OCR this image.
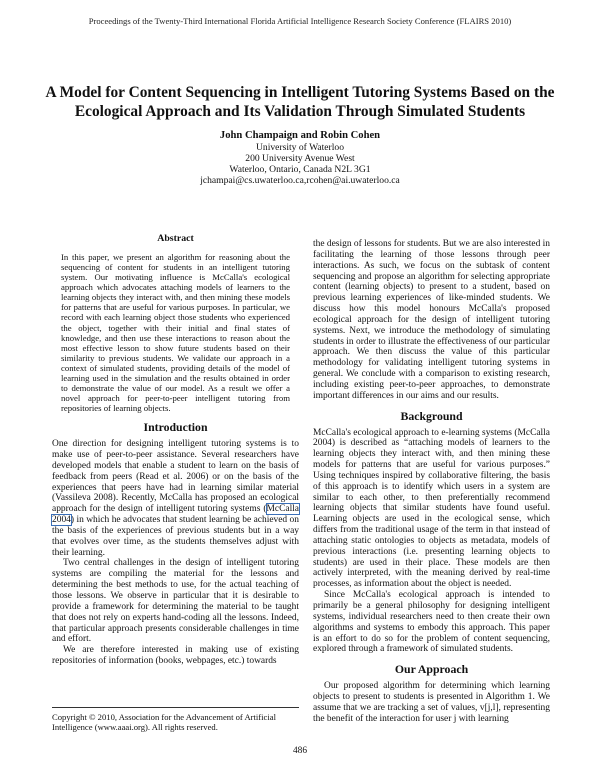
Proceedings of the Twenty-Third International Florida Artificial Intelligence Research Society Conference (FLAIRS 2010)
A Model for Content Sequencing in Intelligent Tutoring Systems Based on the
Ecological Approach and Its Validation Through Simulated Students
John Champaign and Robin Cohen
University of Waterloo
200 University Avenue West
Waterloo, Ontario, Canada N2L 3G1
jchampai@cs.uwaterloo.ca,rcohen@ai.uwaterloo.ca
Abstract

In this paper, we present an algorithm for reasoning about the sequencing of content for students in an intelligent tutoring system. Our motivating influence is McCalla's ecological approach which advocates attaching models of learners to the learning objects they interact with, and then mining these models for patterns that are useful for various purposes. In particular, we record with each learning object those students who experienced the object, together with their initial and final states of knowledge, and then use these interactions to reason about the most effective lesson to show future students based on their similarity to previous students. We validate our approach in a context of simulated students, providing details of the model of learning used in the simulation and the results obtained in order to demonstrate the value of our model. As a result we offer a novel approach for peer-to-peer intelligent tutoring from repositories of learning objects.

Introduction

One direction for designing intelligent tutoring systems is to make use of peer-to-peer assistance. Several researchers have developed models that enable a student to learn on the basis of feedback from peers (Read et al. 2006) or on the basis of the experiences that peers have had in learning similar material (Vassileva 2008). Recently, McCalla has proposed an ecological approach for the design of intelligent tutoring systems (McCalla 2004) in which he advocates that student learning be achieved on the basis of the experiences of previous students but in a way that evolves over time, as the students themselves adjust with their learning.

Two central challenges in the design of intelligent tutoring systems are compiling the material for the lessons and determining the best methods to use, for the actual teaching of those lessons. We observe in particular that it is desirable to provide a framework for determining the material to be taught that does not rely on experts hand-coding all the lessons. Indeed, that particular approach presents considerable challenges in time and effort.

We are therefore interested in making use of existing repositories of information (books, webpages, etc.) towards

Copyright © 2010, Association for the Advancement of Artificial Intelligence (www.aaai.org). All rights reserved.

the design of lessons for students. But we are also interested in facilitating the learning of those lessons through peer interactions. As such, we focus on the subtask of content sequencing and propose an algorithm for selecting appropriate content (learning objects) to present to a student, based on previous learning experiences of like-minded students. We discuss how this model honours McCalla's proposed ecological approach for the design of intelligent tutoring systems. Next, we introduce the methodology of simulating students in order to illustrate the effectiveness of our particular approach. We then discuss the value of this particular methodology for validating intelligent tutoring systems in general. We conclude with a comparison to existing research, including existing peer-to-peer approaches, to demonstrate important differences in our aims and our results.

Background

McCalla's ecological approach to e-learning systems (McCalla 2004) is described as “attaching models of learners to the learning objects they interact with, and then mining these models for patterns that are useful for various purposes.” Using techniques inspired by collaborative filtering, the basis of this approach is to identify which users in a system are similar to each other, to then preferentially recommend learning objects that similar students have found useful. Learning objects are used in the ecological sense, which differs from the traditional usage of the term in that instead of attaching static ontologies to objects as metadata, models of previous interactions (i.e. presenting learning objects to students) are used in their place. These models are then actively interpreted, with the meaning derived by real-time processes, as information about the object is needed.

Since McCalla's ecological approach is intended to primarily be a general philosophy for designing intelligent systems, individual researchers need to then create their own algorithms and systems to embody this approach. This paper is an effort to do so for the problem of content sequencing, explored through a framework of simulated students.

Our Approach

Our proposed algorithm for determining which learning objects to present to students is presented in Algorithm 1. We assume that we are tracking a set of values, v[j,l], representing the benefit of the interaction for user j with learning

486
